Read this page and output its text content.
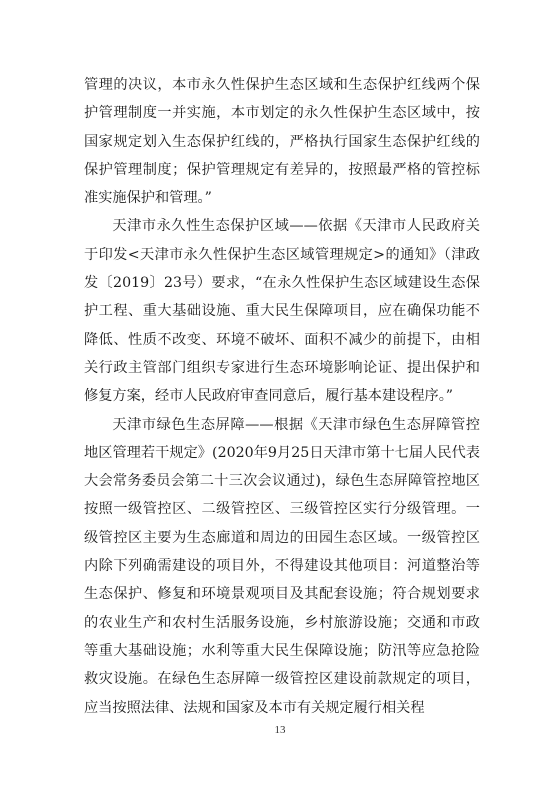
管理的决议，本市永久性保护生态区域和生态保护红线两个保护管理制度一并实施，本市划定的永久性保护生态区域中，按国家规定划入生态保护红线的，严格执行国家生态保护红线的保护管理制度；保护管理规定有差异的，按照最严格的管控标准实施保护和管理。”

天津市永久性生态保护区域——依据《天津市人民政府关于印发<天津市永久性保护生态区域管理规定>的通知》（津政发〔2019〕23号）要求，“在永久性保护生态区域建设生态保护工程、重大基础设施、重大民生保障项目，应在确保功能不降低、性质不改变、环境不破坏、面积不减少的前提下，由相关行政主管部门组织专家进行生态环境影响论证、提出保护和修复方案，经市人民政府审查同意后，履行基本建设程序。”

天津市绿色生态屏障——根据《天津市绿色生态屏障管控地区管理若干规定》(2020年9月25日天津市第十七届人民代表大会常务委员会第二十三次会议通过)，绿色生态屏障管控地区按照一级管控区、二级管控区、三级管控区实行分级管理。一级管控区主要为生态廊道和周边的田园生态区域。一级管控区内除下列确需建设的项目外，不得建设其他项目：河道整治等生态保护、修复和环境景观项目及其配套设施；符合规划要求的农业生产和农村生活服务设施，乡村旅游设施；交通和市政等重大基础设施；水利等重大民生保障设施；防汛等应急抢险救灾设施。在绿色生态屏障一级管控区建设前款规定的项目，应当按照法律、法规和国家及本市有关规定履行相关程

13
